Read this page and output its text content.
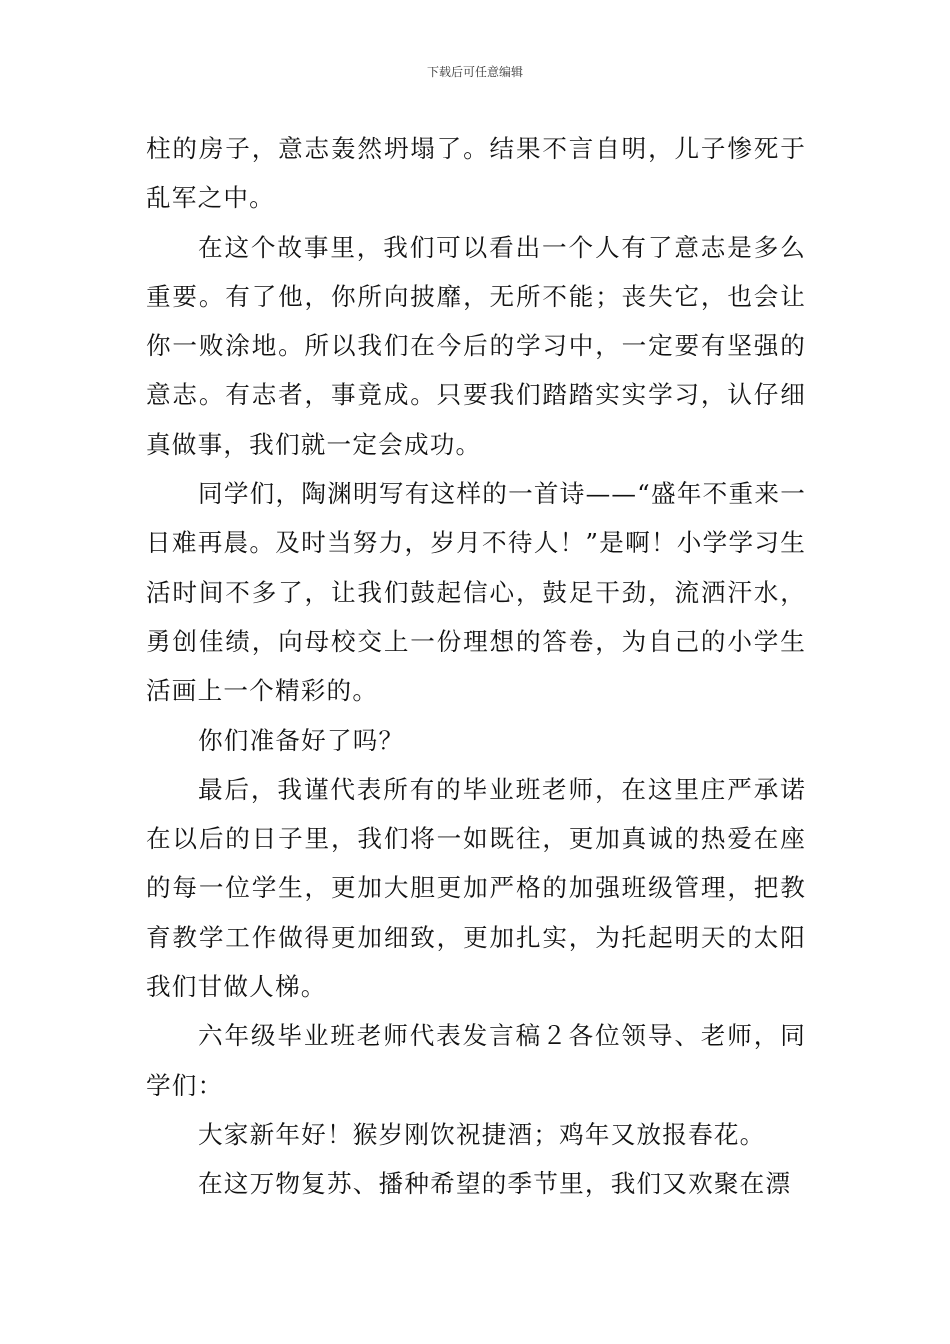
下载后可任意编辑

柱的房子，意志轰然坍塌了。结果不言自明，儿子惨死于乱军之中。

在这个故事里，我们可以看出一个人有了意志是多么重要。有了他，你所向披靡，无所不能；丧失它，也会让你一败涂地。所以我们在今后的学习中，一定要有坚强的意志。有志者，事竟成。只要我们踏踏实实学习，认仔细真做事，我们就一定会成功。

同学们，陶渊明写有这样的一首诗——“盛年不重来一日难再晨。及时当努力，岁月不待人！”是啊！小学学习生活时间不多了，让我们鼓起信心，鼓足干劲，流洒汗水，勇创佳绩，向母校交上一份理想的答卷，为自己的小学生活画上一个精彩的。

你们准备好了吗？

最后，我谨代表所有的毕业班老师，在这里庄严承诺在以后的日子里，我们将一如既往，更加真诚的热爱在座的每一位学生，更加大胆更加严格的加强班级管理，把教育教学工作做得更加细致，更加扎实，为托起明天的太阳我们甘做人梯。

六年级毕业班老师代表发言稿２各位领导、老师，同学们：

大家新年好！猴岁刚饮祝捷酒；鸡年又放报春花。

在这万物复苏、播种希望的季节里，我们又欢聚在漂
